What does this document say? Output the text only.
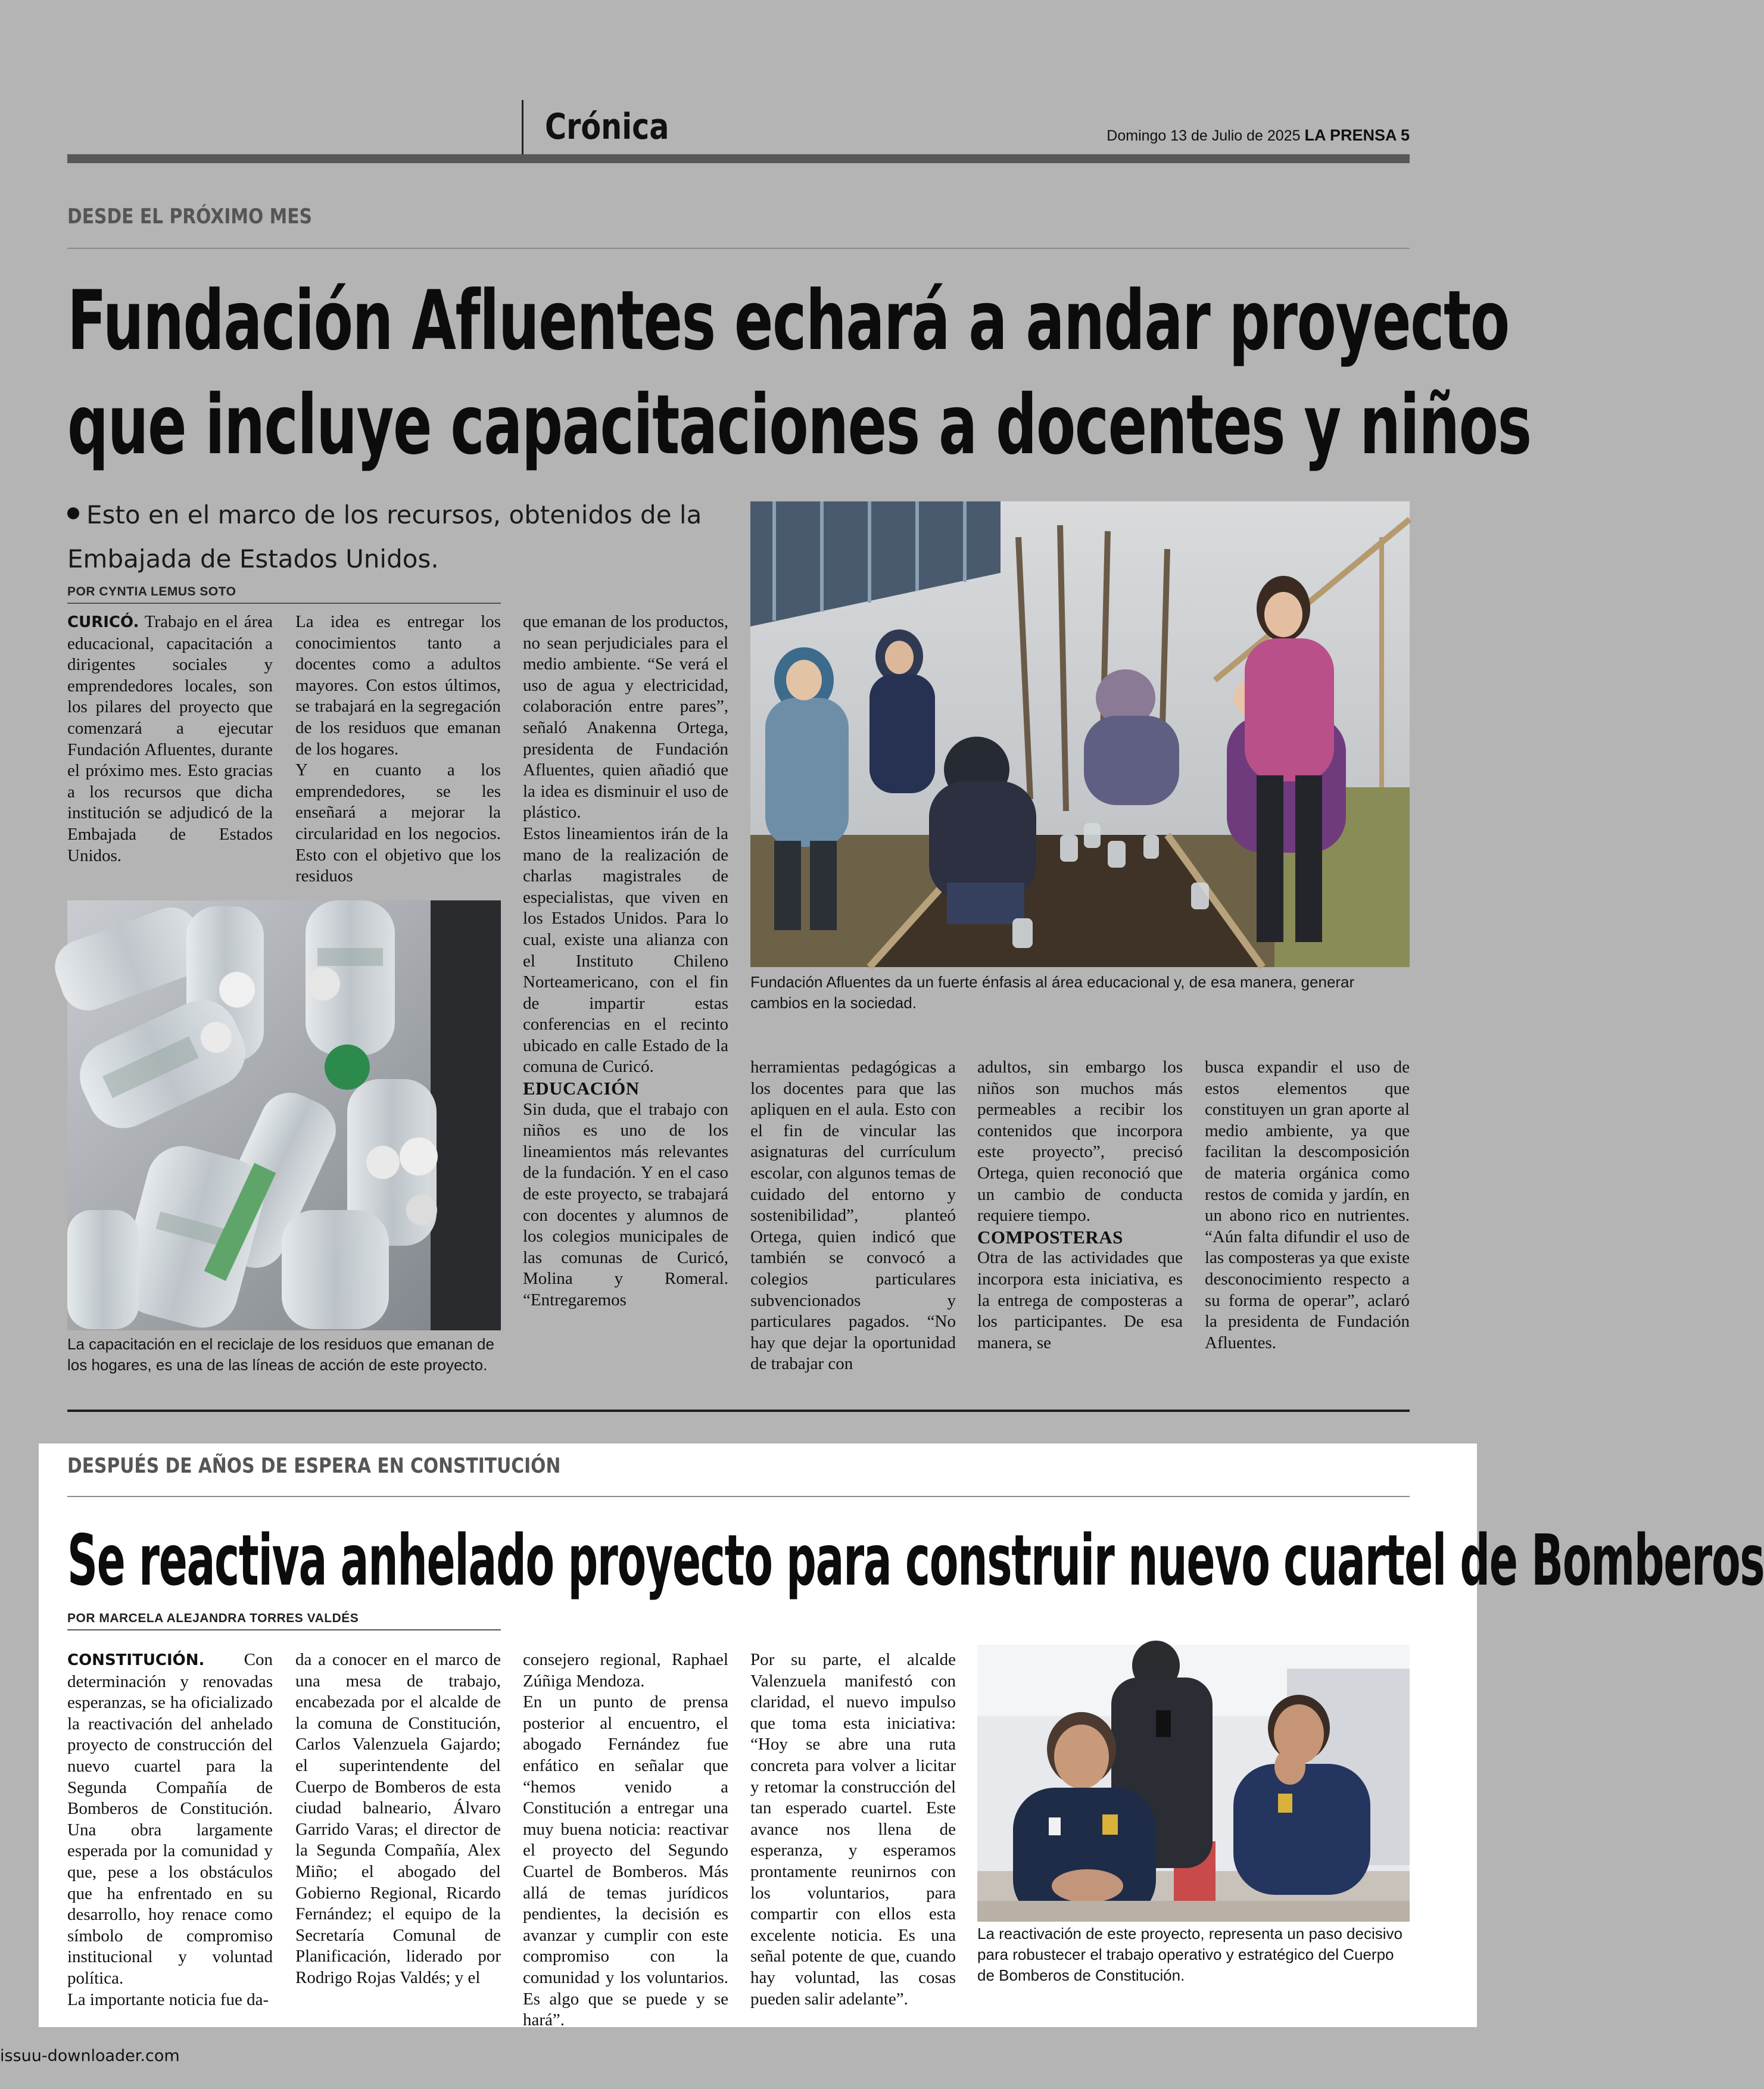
Crónica	Domingo 13 de Julio de 2025 LA PRENSA 5
DESDE EL PRÓXIMO MES
Fundación Afluentes echará a andar proyecto
que incluye capacitaciones a docentes y niños
Esto en el marco de los recursos, obtenidos de la Embajada de Estados Unidos.
POR CYNTIA LEMUS SOTO

CURICÓ. Trabajo en el área educacional, capacitación a dirigentes sociales y emprendedores locales, son los pilares del proyecto que comenzará a ejecutar Fundación Afluentes, durante el próximo mes. Esto gracias a los recursos que dicha institución se adjudicó de la Embajada de Estados Unidos.

La idea es entregar los conocimientos tanto a docentes como a adultos mayores. Con estos últimos, se trabajará en la segregación de los residuos que emanan de los hogares.

Y en cuanto a los emprendedores, se les enseñará a mejorar la circularidad en los negocios. Esto con el objetivo que los residuos

que emanan de los productos, no sean perjudiciales para el medio ambiente. “Se verá el uso de agua y electricidad, colaboración entre pares”, señaló Anakenna Ortega, presidenta de Fundación Afluentes, quien añadió que la idea es disminuir el uso de plástico.

Estos lineamientos irán de la mano de la realización de charlas magistrales de especialistas, que viven en los Estados Unidos. Para lo cual, existe una alianza con el Instituto Chileno Norteamericano, con el fin de impartir estas conferencias en el recinto ubicado en calle Estado de la comuna de Curicó.

EDUCACIÓN

Sin duda, que el trabajo con niños es uno de los lineamientos más relevantes de la fundación. Y en el caso de este proyecto, se trabajará con docentes y alumnos de los colegios municipales de las comunas de Curicó, Molina y Romeral. “Entregaremos

herramientas pedagógicas a los docentes para que las apliquen en el aula. Esto con el fin de vincular las asignaturas del currículum escolar, con algunos temas de cuidado del entorno y sostenibilidad”, planteó Ortega, quien indicó que también se convocó a colegios particulares subvencionados y particulares pagados. “No hay que dejar la oportunidad de trabajar con

adultos, sin embargo los niños son muchos más permeables a recibir los contenidos que incorpora este proyecto”, precisó Ortega, quien reconoció que un cambio de conducta requiere tiempo.

COMPOSTERAS

Otra de las actividades que incorpora esta iniciativa, es la entrega de composteras a los participantes. De esa manera, se

busca expandir el uso de estos elementos que constituyen un gran aporte al medio ambiente, ya que facilitan la descomposición de materia orgánica como restos de comida y jardín, en un abono rico en nutrientes. “Aún falta difundir el uso de las composteras ya que existe desconocimiento respecto a su forma de operar”, aclaró la presidenta de Fundación Afluentes.

La capacitación en el reciclaje de los residuos que emanan de los hogares, es una de las líneas de acción de este proyecto.
Fundación Afluentes da un fuerte énfasis al área educacional y, de esa manera, generar cambios en la sociedad.
DESPUÉS DE AÑOS DE ESPERA EN CONSTITUCIÓN
Se reactiva anhelado proyecto para construir nuevo cuartel de Bomberos
POR MARCELA ALEJANDRA TORRES VALDÉS

CONSTITUCIÓN. Con determinación y renovadas esperanzas, se ha oficializado la reactivación del anhelado proyecto de construcción del nuevo cuartel para la Segunda Compañía de Bomberos de Constitución. Una obra largamente esperada por la comunidad y que, pese a los obstáculos que ha enfrentado en su desarrollo, hoy renace como símbolo de compromiso institucional y voluntad política.

La importante noticia fue da-

da a conocer en el marco de una mesa de trabajo, encabezada por el alcalde de la comuna de Constitución, Carlos Valenzuela Gajardo; el superintendente del Cuerpo de Bomberos de esta ciudad balneario, Álvaro Garrido Varas; el director de la Segunda Compañía, Alex Miño; el abogado del Gobierno Regional, Ricardo Fernández; el equipo de la Secretaría Comunal de Planificación, liderado por Rodrigo Rojas Valdés; y el

consejero regional, Raphael Zúñiga Mendoza.

En un punto de prensa posterior al encuentro, el abogado Fernández fue enfático en señalar que “hemos venido a Constitución a entregar una muy buena noticia: reactivar el proyecto del Segundo Cuartel de Bomberos. Más allá de temas jurídicos pendientes, la decisión es avanzar y cumplir con este compromiso con la comunidad y los voluntarios. Es algo que se puede y se hará”.

Por su parte, el alcalde Valenzuela manifestó con claridad, el nuevo impulso que toma esta iniciativa: “Hoy se abre una ruta concreta para volver a licitar y retomar la construcción del tan esperado cuartel. Este avance nos llena de esperanza, y esperamos prontamente reunirnos con los voluntarios, para compartir con ellos esta excelente noticia. Es una señal potente de que, cuando hay voluntad, las cosas pueden salir adelante”.

La reactivación de este proyecto, representa un paso decisivo para robustecer el trabajo operativo y estratégico del Cuerpo de Bomberos de Constitución.
issuu-downloader.com
